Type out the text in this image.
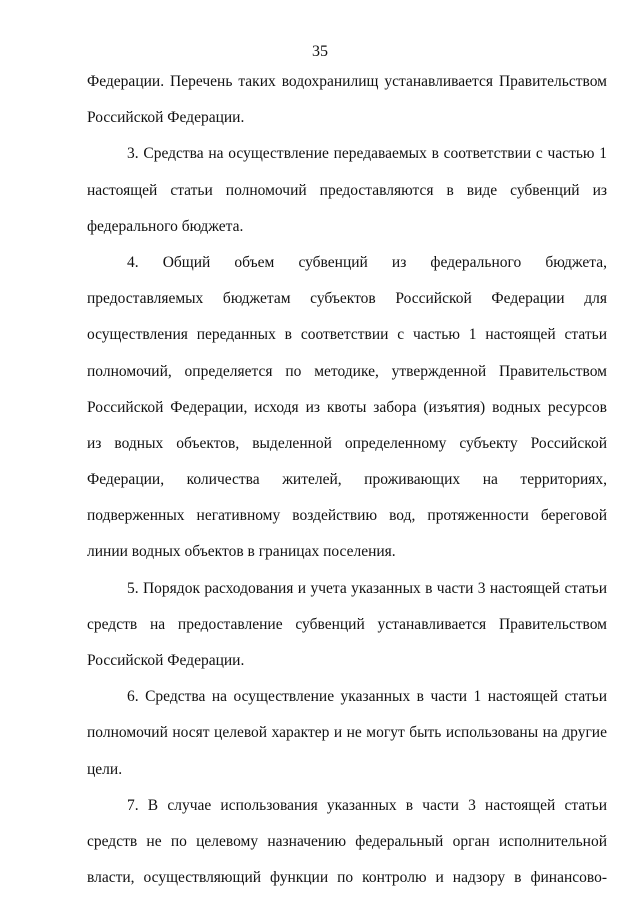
35
Федерации. Перечень таких водохранилищ устанавливается Правительством
Российской Федерации.
3. Средства на осуществление передаваемых в соответствии с частью 1
настоящей статьи полномочий предоставляются в виде субвенций из
федерального бюджета.
4. Общий объем субвенций из федерального бюджета,
предоставляемых бюджетам субъектов Российской Федерации для
осуществления переданных в соответствии с частью 1 настоящей статьи
полномочий, определяется по методике, утвержденной Правительством
Российской Федерации, исходя из квоты забора (изъятия) водных ресурсов
из водных объектов, выделенной определенному субъекту Российской
Федерации, количества жителей, проживающих на территориях,
подверженных негативному воздействию вод, протяженности береговой
линии водных объектов в границах поселения.
5. Порядок расходования и учета указанных в части 3 настоящей статьи
средств на предоставление субвенций устанавливается Правительством
Российской Федерации.
6. Средства на осуществление указанных в части 1 настоящей статьи
полномочий носят целевой характер и не могут быть использованы на другие
цели.
7. В случае использования указанных в части 3 настоящей статьи
средств не по целевому назначению федеральный орган исполнительной
власти, осуществляющий функции по контролю и надзору в финансово-
